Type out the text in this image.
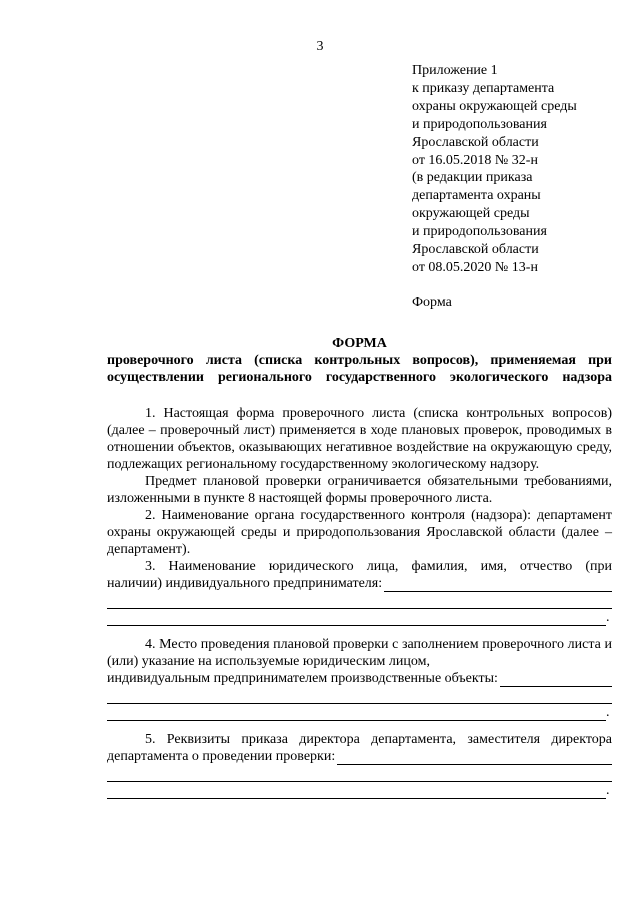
3
Приложение 1
к приказу департамента
охраны окружающей среды
и природопользования
Ярославской области
от 16.05.2018 № 32-н
(в редакции приказа
департамента охраны
окружающей среды
и природопользования
Ярославской области
от 08.05.2020 № 13-н
Форма
ФОРМА
проверочного листа (списка контрольных вопросов), применяемая при
осуществлении регионального государственного экологического надзора

1. Настоящая форма проверочного листа (списка контрольных вопросов) (далее – проверочный лист) применяется в ходе плановых проверок, проводимых в отношении объектов, оказывающих негативное воздействие на окружающую среду, подлежащих региональному государственному экологическому надзору.

Предмет плановой проверки ограничивается обязательными требованиями, изложенными в пункте 8 настоящей формы проверочного листа.

2. Наименование органа государственного контроля (надзора): департамент охраны окружающей среды и природопользования Ярославской области (далее – департамент).

3. Наименование юридического лица, фамилия, имя, отчество (при

наличии) индивидуального предпринимателя:
.

4. Место проведения плановой проверки с заполнением проверочного листа и (или) указание на используемые юридическим лицом,

индивидуальным предпринимателем производственные объекты:
.

5. Реквизиты приказа директора департамента, заместителя директора

департамента о проведении проверки:
.
